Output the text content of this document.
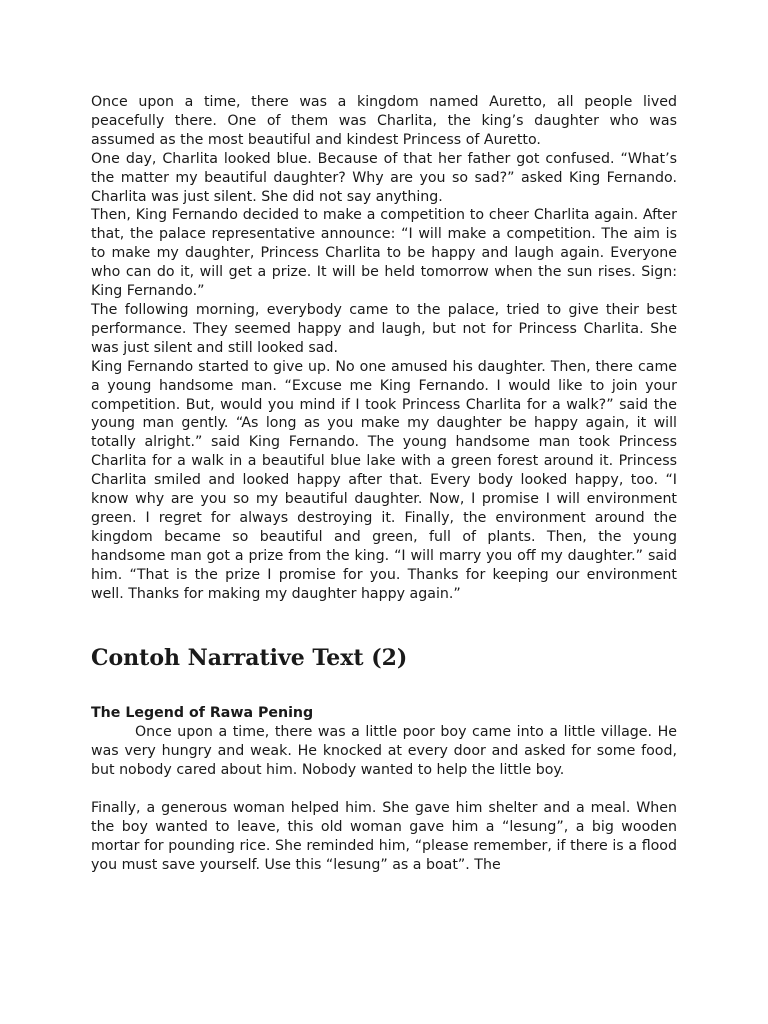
Once upon a time, there was a kingdom named Auretto, all people lived peacefully there. One of them was Charlita, the king’s daughter who was assumed as the most beautiful and kindest Princess of Auretto.

One day, Charlita looked blue. Because of that her father got confused. “What’s the matter my beautiful daughter? Why are you so sad?” asked King Fernando. Charlita was just silent. She did not say anything.

Then, King Fernando decided to make a competition to cheer Charlita again. After that, the palace representative announce: “I will make a competition. The aim is to make my daughter, Princess Charlita to be happy and laugh again. Everyone who can do it, will get a prize. It will be held tomorrow when the sun rises. Sign: King Fernando.”

The following morning, everybody came to the palace, tried to give their best performance. They seemed happy and laugh, but not for Princess Charlita. She was just silent and still looked sad.

King Fernando started to give up. No one amused his daughter. Then, there came a young handsome man. “Excuse me King Fernando. I would like to join your competition. But, would you mind if I took Princess Charlita for a walk?” said the young man gently. “As long as you make my daughter be happy again, it will totally alright.” said King Fernando. The young handsome man took Princess Charlita for a walk in a beautiful blue lake with a green forest around it. Princess Charlita smiled and looked happy after that. Every body looked happy, too. “I know why are you so my beautiful daughter. Now, I promise I will environment green. I regret for always destroying it. Finally, the environment around the kingdom became so beautiful and green, full of plants. Then, the young handsome man got a prize from the king. “I will marry you off my daughter.” said him. “That is the prize I promise for you. Thanks for keeping our environment well. Thanks for making my daughter happy again.”

Contoh Narrative Text (2)
The Legend of Rawa Pening

Once upon a time, there was a little poor boy came into a little village. He was very hungry and weak. He knocked at every door and asked for some food, but nobody cared about him. Nobody wanted to help the little boy.

Finally, a generous woman helped him. She gave him shelter and a meal. When the boy wanted to leave, this old woman gave him a “lesung”, a big wooden mortar for pounding rice. She reminded him, “please remember, if there is a flood you must save yourself. Use this “lesung” as a boat”. The
